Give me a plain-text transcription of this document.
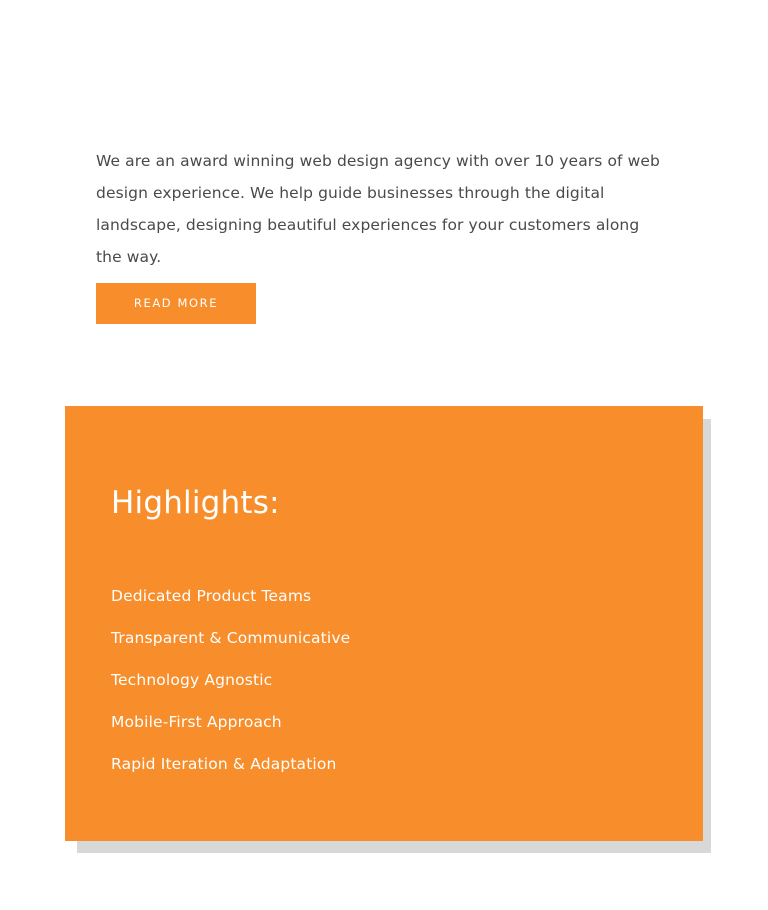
We are an award winning web design agency with over 10 years of web design experience. We help guide businesses through the digital landscape, designing beautiful experiences for your customers along the way.

READ MORE
Highlights:
Dedicated Product Teams
Transparent & Communicative
Technology Agnostic
Mobile-First Approach
Rapid Iteration & Adaptation
